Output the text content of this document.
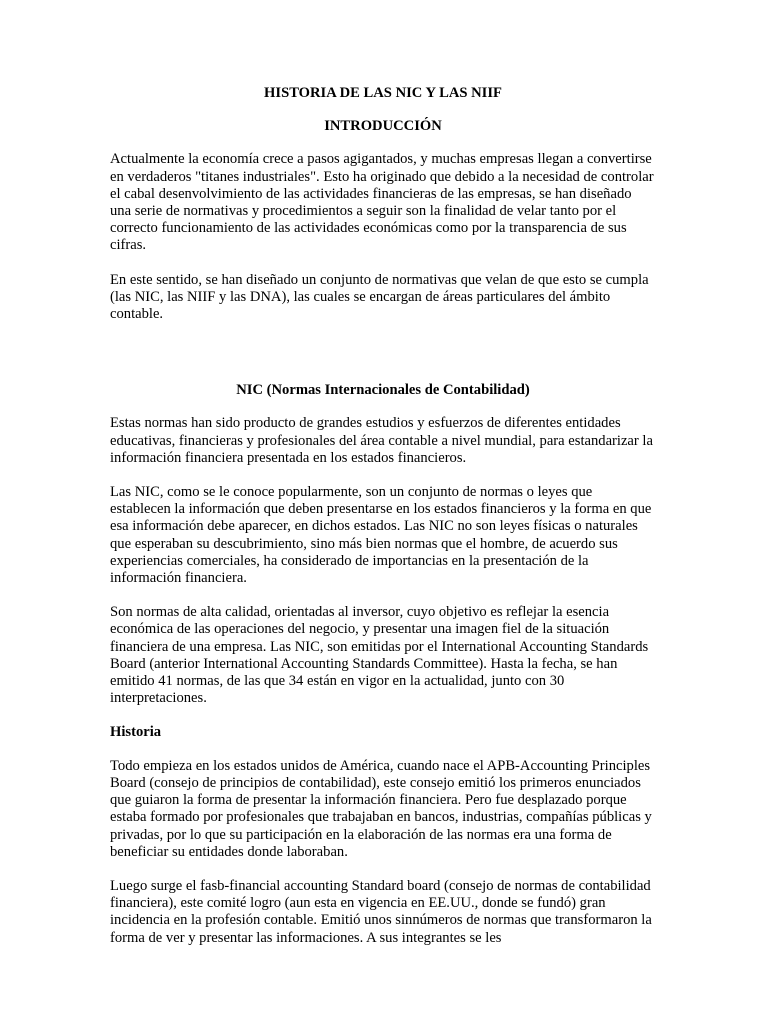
HISTORIA DE LAS NIC Y LAS NIIF
INTRODUCCIÓN

Actualmente la economía crece a pasos agigantados, y muchas empresas llegan a convertirse en verdaderos "titanes industriales". Esto ha originado que debido a la necesidad de controlar el cabal desenvolvimiento de las actividades financieras de las empresas, se han diseñado una serie de normativas y procedimientos a seguir son la finalidad de velar tanto por el correcto funcionamiento de las actividades económicas como por la transparencia de sus cifras.

En este sentido, se han diseñado un conjunto de normativas que velan de que esto se cumpla (las NIC, las NIIF y las DNA), las cuales se encargan de áreas particulares del ámbito contable.

NIC (Normas Internacionales de Contabilidad)

Estas normas han sido producto de grandes estudios y esfuerzos de diferentes entidades educativas, financieras y profesionales del área contable a nivel mundial, para estandarizar la información financiera presentada en los estados financieros.

Las NIC, como se le conoce popularmente, son un conjunto de normas o leyes que establecen la información que deben presentarse en los estados financieros y la forma en que esa información debe aparecer, en dichos estados. Las NIC no son leyes físicas o naturales que esperaban su descubrimiento, sino más bien normas que el hombre, de acuerdo sus experiencias comerciales, ha considerado de importancias en la presentación de la información financiera.

Son normas de alta calidad, orientadas al inversor, cuyo objetivo es reflejar la esencia económica de las operaciones del negocio, y presentar una imagen fiel de la situación financiera de una empresa. Las NIC, son emitidas por el International Accounting Standards Board (anterior International Accounting Standards Committee). Hasta la fecha, se han emitido 41 normas, de las que 34 están en vigor en la actualidad, junto con 30 interpretaciones.

Historia

Todo empieza en los estados unidos de América, cuando nace el APB-Accounting Principles Board (consejo de principios de contabilidad), este consejo emitió los primeros enunciados que guiaron la forma de presentar la información financiera. Pero fue desplazado porque estaba formado por profesionales que trabajaban en bancos, industrias, compañías públicas y privadas, por lo que su participación en la elaboración de las normas era una forma de beneficiar su entidades donde laboraban.

Luego surge el fasb-financial accounting Standard board (consejo de normas de contabilidad financiera), este comité logro (aun esta en vigencia en EE.UU., donde se fundó) gran incidencia en la profesión contable. Emitió unos sinnúmeros de normas que transformaron la forma de ver y presentar las informaciones. A sus integrantes se les
